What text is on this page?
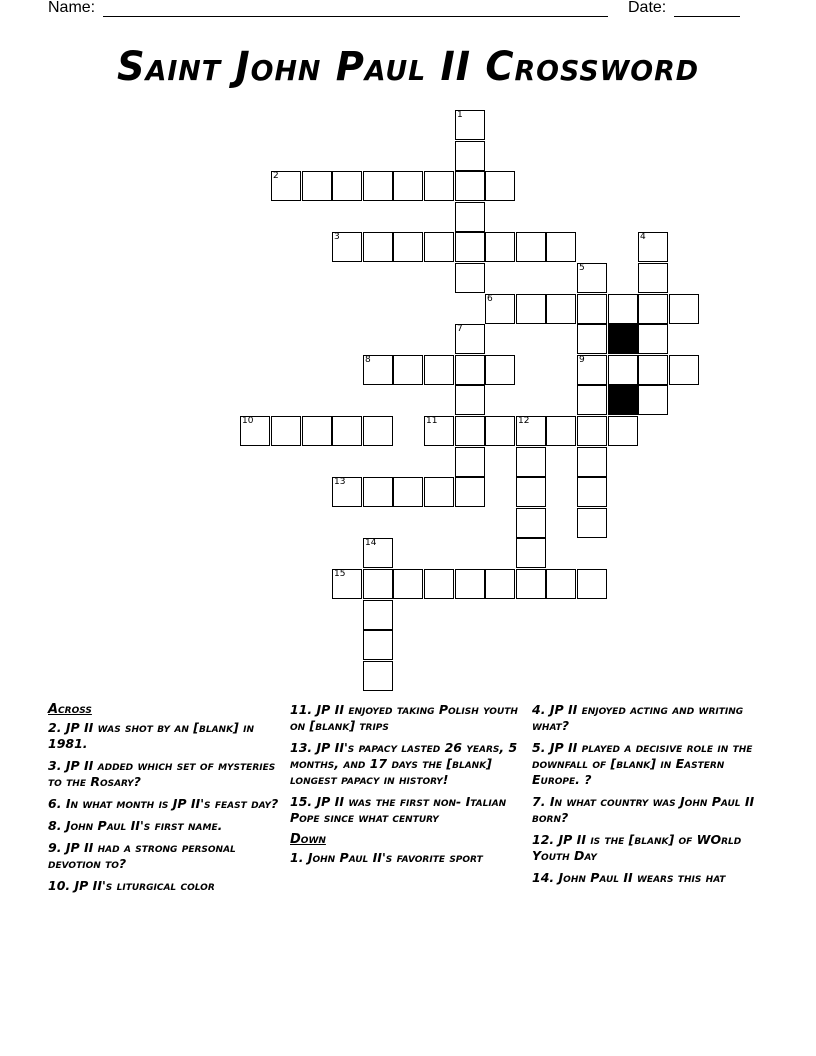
Name:	Date:
Saint John Paul II Crossword
1
2
3	4
5
6
7
8	9
10	11	12
13
14
15
Across
2. JP II was shot by an [blank] in 1981.
3. JP II added which set of mysteries to the Rosary?
6. In what month is JP II's feast day?
8. John Paul II's first name.
9. JP II had a strong personal devotion to?
10. JP II's liturgical color
11. JP II enjoyed taking Polish youth on [blank] trips
13. JP II's papacy lasted 26 years, 5 months, and 17 days the [blank] longest papacy in history!
15. JP II was the first non- Italian Pope since what century
Down
1. John Paul II's favorite sport
4. JP II enjoyed acting and writing what?
5. JP II played a decisive role in the downfall of [blank] in Eastern Europe. ?
7. In what country was John Paul II born?
12. JP II is the [blank] of WOrld Youth Day
14. John Paul II wears this hat
